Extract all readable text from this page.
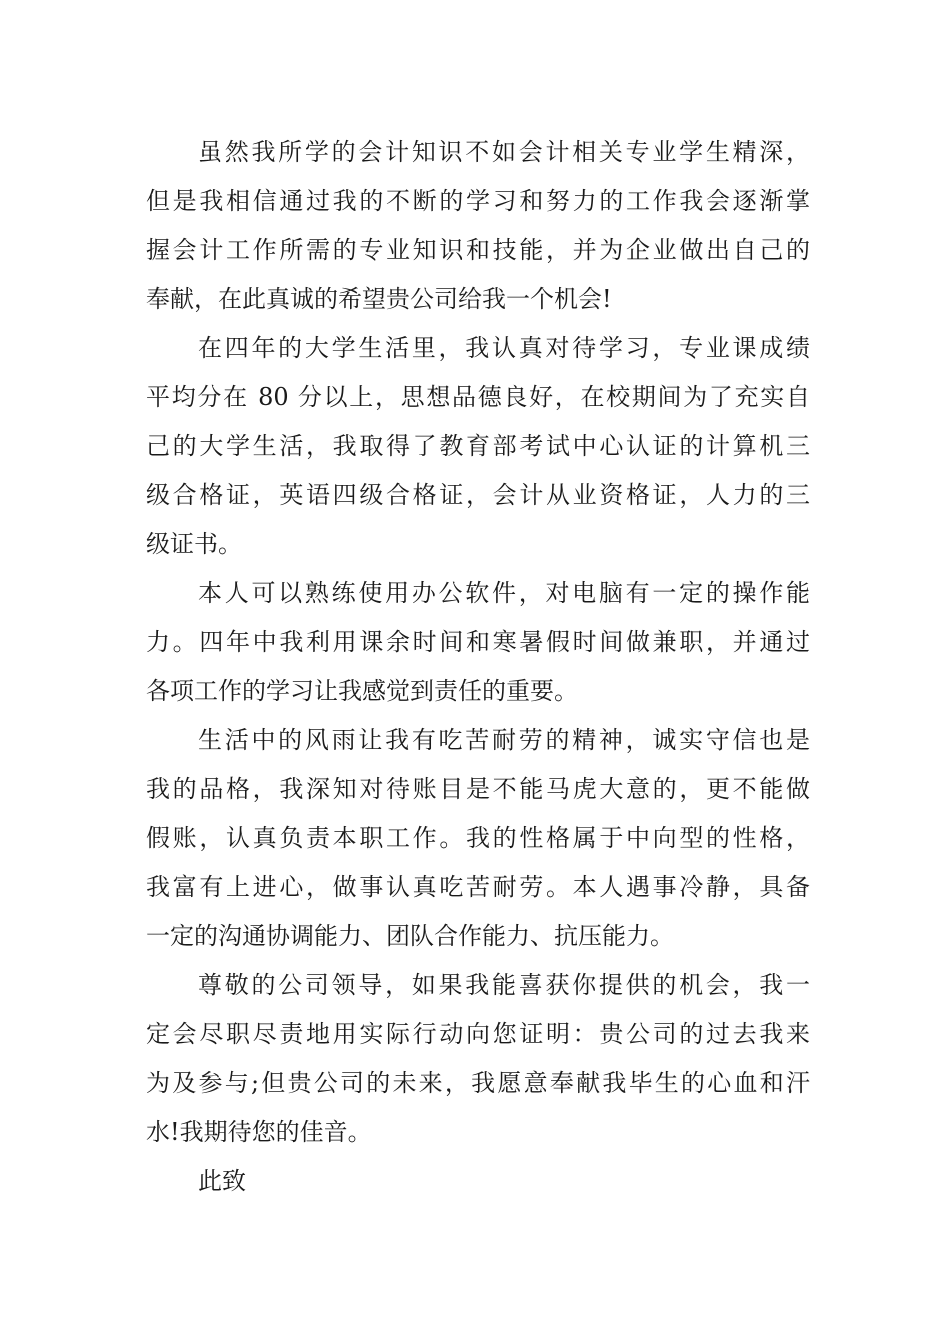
虽然我所学的会计知识不如会计相关专业学生精深，
但是我相信通过我的不断的学习和努力的工作我会逐渐掌
握会计工作所需的专业知识和技能，并为企业做出自己的
奉献，在此真诚的希望贵公司给我一个机会!
在四年的大学生活里，我认真对待学习，专业课成绩
平均分在 80 分以上，思想品德良好，在校期间为了充实自
己的大学生活，我取得了教育部考试中心认证的计算机三
级合格证，英语四级合格证，会计从业资格证，人力的三
级证书。
本人可以熟练使用办公软件，对电脑有一定的操作能
力。四年中我利用课余时间和寒暑假时间做兼职，并通过
各项工作的学习让我感觉到责任的重要。
生活中的风雨让我有吃苦耐劳的精神，诚实守信也是
我的品格，我深知对待账目是不能马虎大意的，更不能做
假账，认真负责本职工作。我的性格属于中向型的性格，
我富有上进心，做事认真吃苦耐劳。本人遇事冷静，具备
一定的沟通协调能力、团队合作能力、抗压能力。
尊敬的公司领导，如果我能喜获你提供的机会，我一
定会尽职尽责地用实际行动向您证明：贵公司的过去我来
为及参与;但贵公司的未来，我愿意奉献我毕生的心血和汗
水!我期待您的佳音。
此致
